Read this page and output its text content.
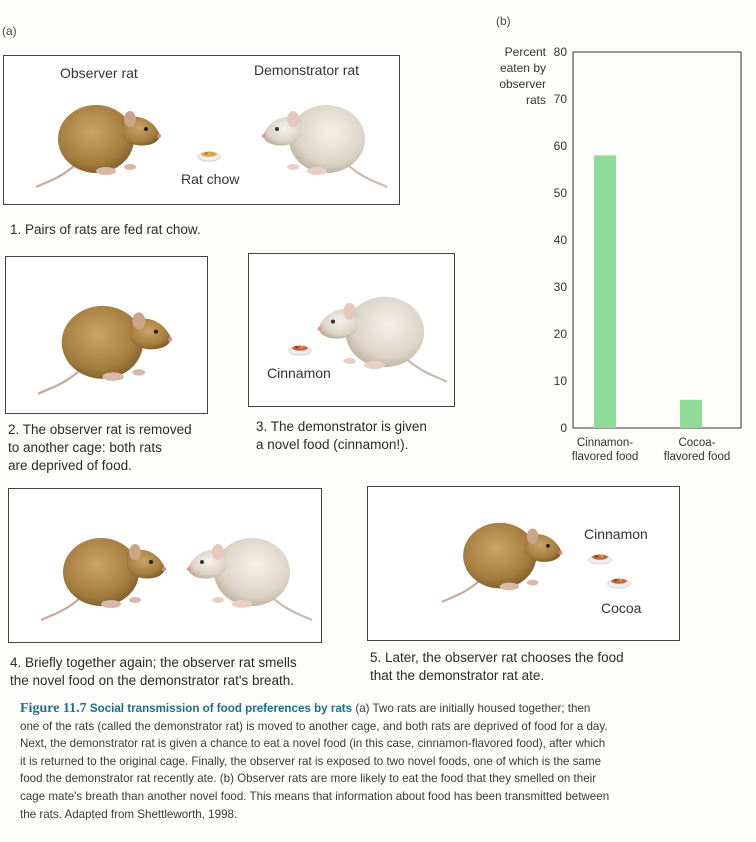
(a)
(b)
Observer rat	Demonstrator rat
Rat chow
1. Pairs of rats are fed rat chow.
2. The observer rat is removed
to another cage: both rats
are deprived of food.
Cinnamon
3. The demonstrator is given
a novel food (cinnamon!).
4. Briefly together again; the observer rat smells
the novel food on the demonstrator rat's breath.
Cinnamon
Cocoa
5. Later, the observer rat chooses the food
that the demonstrator rat ate.
Percent
eaten by
observer
rats
0
10
20
30
40
50
60
70
80
Cinnamon-
flavored food
Cocoa-
flavored food
Figure 11.7 Social transmission of food preferences by rats (a) Two rats are initially housed together; then one of the rats (called the demonstrator rat) is moved to another cage, and both rats are deprived of food for a day. Next, the demonstrator rat is given a chance to eat a novel food (in this case, cinnamon-flavored food), after which it is returned to the original cage. Finally, the observer rat is exposed to two novel foods, one of which is the same food the demonstrator rat recently ate. (b) Observer rats are more likely to eat the food that they smelled on their cage mate's breath than another novel food. This means that information about food has been transmitted between the rats. Adapted from Shettleworth, 1998.
